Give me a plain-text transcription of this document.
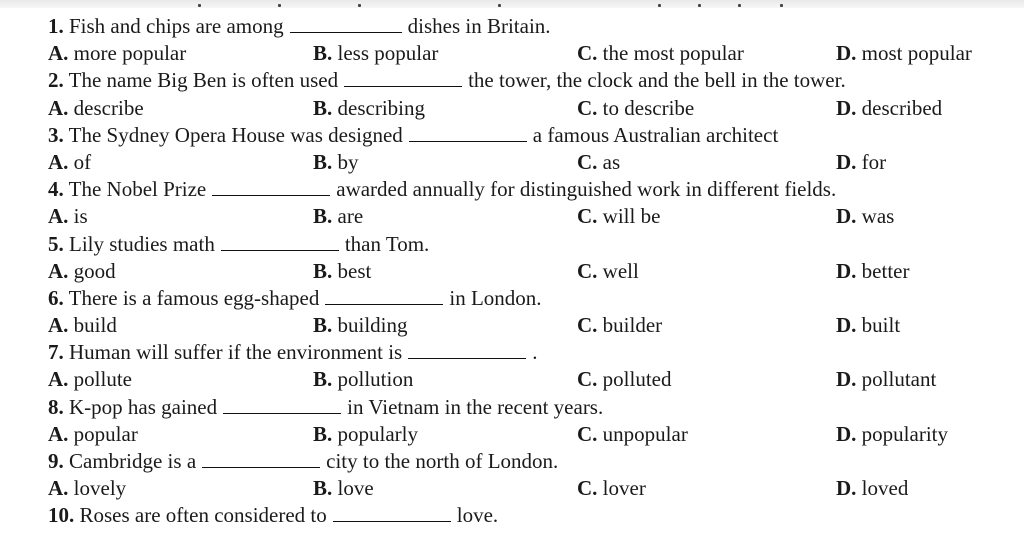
1. Fish and chips are among	dishes in Britain.
A. more popular	B. less popular	C. the most popular	D. most popular
2. The name Big Ben is often used	the tower, the clock and the bell in the tower.
A. describe	B. describing	C. to describe	D. described
3. The Sydney Opera House was designed	a famous Australian architect
A. of	B. by	C. as	D. for
4. The Nobel Prize	awarded annually for distinguished work in different fields.
A. is	B. are	C. will be	D. was
5. Lily studies math	than Tom.
A. good	B. best	C. well	D. better
6. There is a famous egg-shaped	in London.
A. build	B. building	C. builder	D. built
7. Human will suffer if the environment is	.
A. pollute	B. pollution	C. polluted	D. pollutant
8. K-pop has gained	in Vietnam in the recent years.
A. popular	B. popularly	C. unpopular	D. popularity
9. Cambridge is a	city to the north of London.
A. lovely	B. love	C. lover	D. loved
10. Roses are often considered to	love.
